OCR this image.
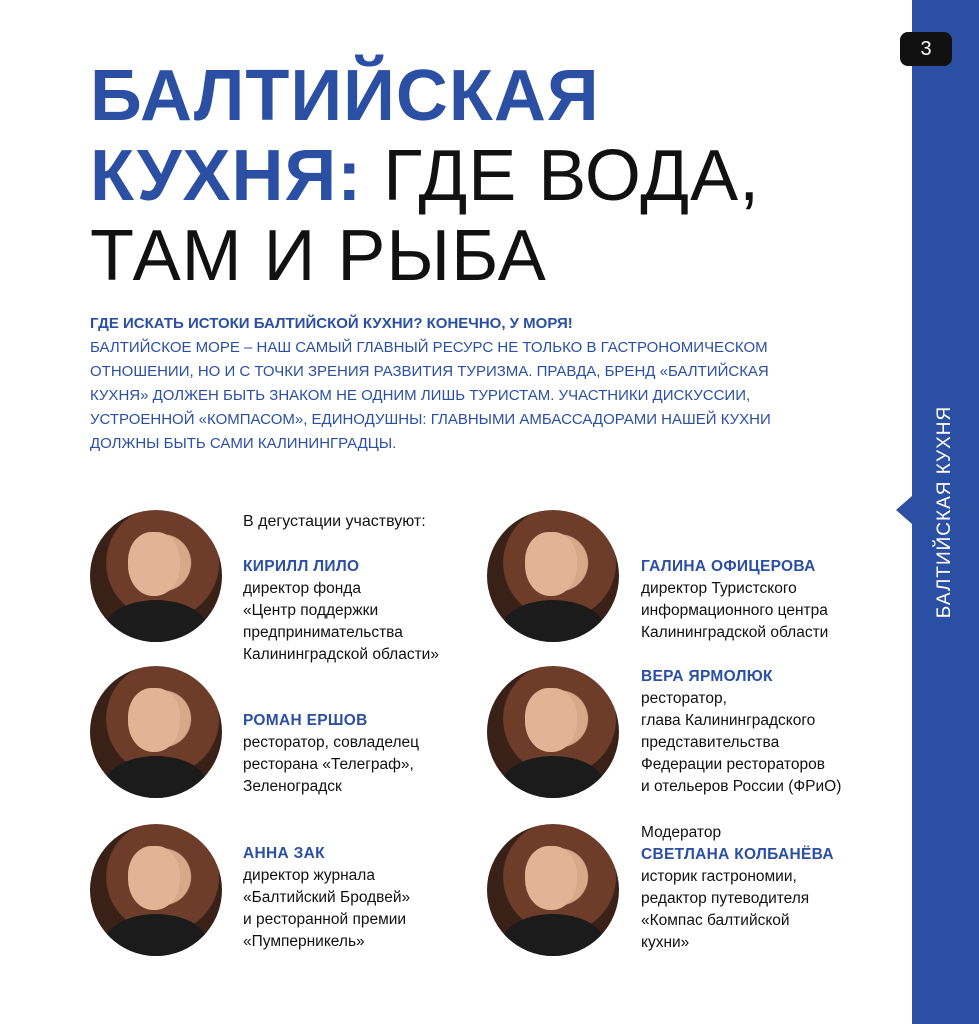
БАЛТИЙСКАЯ КУХНЯ
3
БАЛТИЙСКАЯ
КУХНЯ: ГДЕ ВОДА,
ТАМ И РЫБА
ГДЕ ИСКАТЬ ИСТОКИ БАЛТИЙСКОЙ КУХНИ? КОНЕЧНО, У МОРЯ!
БАЛТИЙСКОЕ МОРЕ – НАШ САМЫЙ ГЛАВНЫЙ РЕСУРС НЕ ТОЛЬКО В ГАСТРОНОМИЧЕСКОМ ОТНОШЕНИИ, НО И С ТОЧКИ ЗРЕНИЯ РАЗВИТИЯ ТУРИЗМА. ПРАВДА, БРЕНД «БАЛТИЙСКАЯ КУХНЯ» ДОЛЖЕН БЫТЬ ЗНАКОМ НЕ ОДНИМ ЛИШЬ ТУРИСТАМ. УЧАСТНИКИ ДИСКУССИИ, УСТРОЕННОЙ «КОМПАСОМ», ЕДИНОДУШНЫ: ГЛАВНЫМИ АМБАССАДОРАМИ НАШЕЙ КУХНИ ДОЛЖНЫ БЫТЬ САМИ КАЛИНИНГРАДЦЫ.
В дегустации участвуют:
КИРИЛЛ ЛИЛО
директор фонда
«Центр поддержки
предпринимательства
Калининградской области»
РОМАН ЕРШОВ
ресторатор, совладелец
ресторана «Телеграф»,
Зеленоградск
АННА ЗАК
директор журнала
«Балтийский Бродвей»
и ресторанной премии
«Пумперникель»
ГАЛИНА ОФИЦЕРОВА
директор Туристского
информационного центра
Калининградской области
ВЕРА ЯРМОЛЮК
ресторатор,
глава Калининградского
представительства
Федерации рестораторов
и отельеров России (ФРиО)
Модератор
СВЕТЛАНА КОЛБАНЁВА
историк гастрономии,
редактор путеводителя
«Компас балтийской
кухни»
